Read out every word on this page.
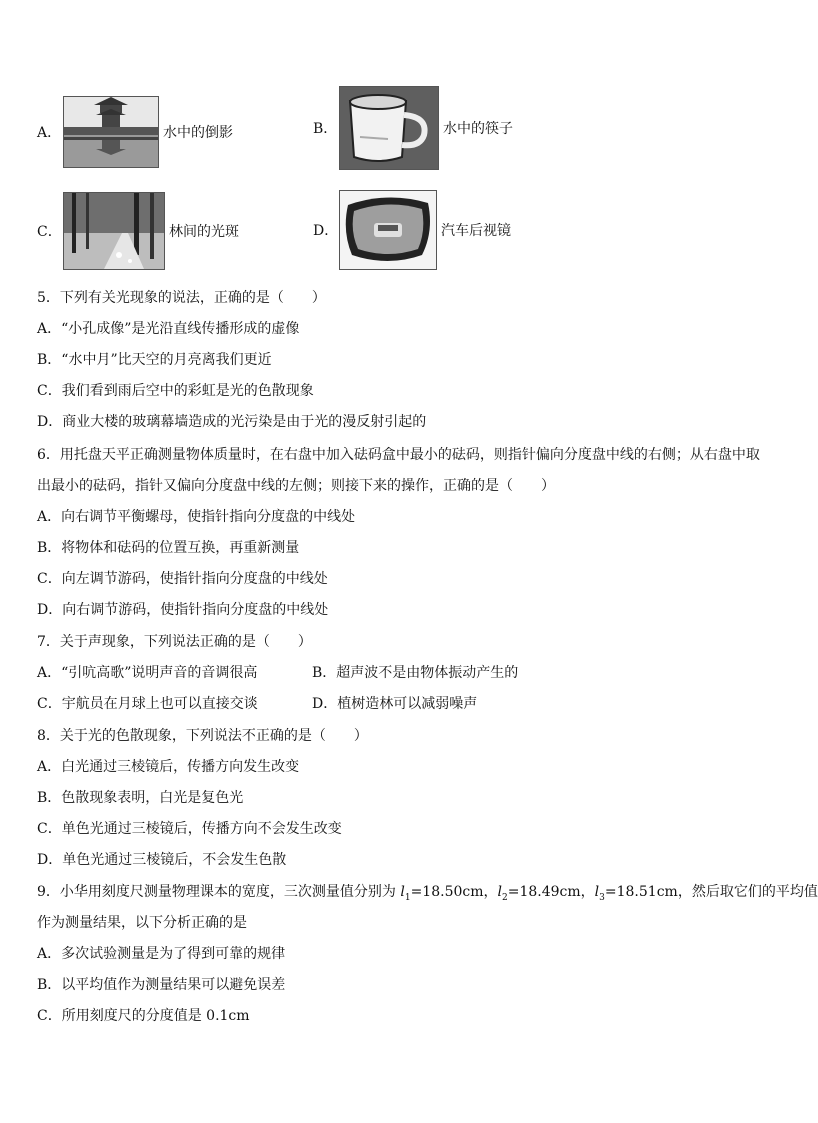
A．	水中的倒影	B．	水中的筷子
C．	林间的光斑	D．	汽车后视镜
5．下列有关光现象的说法，正确的是（　　）
A．“小孔成像”是光沿直线传播形成的虚像
B．“水中月”比天空的月亮离我们更近
C．我们看到雨后空中的彩虹是光的色散现象
D．商业大楼的玻璃幕墙造成的光污染是由于光的漫反射引起的
6．用托盘天平正确测量物体质量时，在右盘中加入砝码盒中最小的砝码，则指针偏向分度盘中线的右侧；从右盘中取
出最小的砝码，指针又偏向分度盘中线的左侧；则接下来的操作，正确的是（　　）
A．向右调节平衡螺母，使指针指向分度盘的中线处
B．将物体和砝码的位置互换，再重新测量
C．向左调节游码，使指针指向分度盘的中线处
D．向右调节游码，使指针指向分度盘的中线处
7．关于声现象，下列说法正确的是（　　）
A．“引吭高歌”说明声音的音调很高	B．超声波不是由物体振动产生的
C．宇航员在月球上也可以直接交谈	D．植树造林可以减弱噪声
8．关于光的色散现象，下列说法不正确的是（　　）
A．白光通过三棱镜后，传播方向发生改变
B．色散现象表明，白光是复色光
C．单色光通过三棱镜后，传播方向不会发生改变
D．单色光通过三棱镜后，不会发生色散
9．小华用刻度尺测量物理课本的宽度，三次测量值分别为 $l_1=18.50cm$，$l_2=18.49cm$，$l_3=18.51cm$，然后取它们的平均值
作为测量结果，以下分析正确的是
A．多次试验测量是为了得到可靠的规律
B．以平均值作为测量结果可以避免误差
C．所用刻度尺的分度值是 0.1cm
